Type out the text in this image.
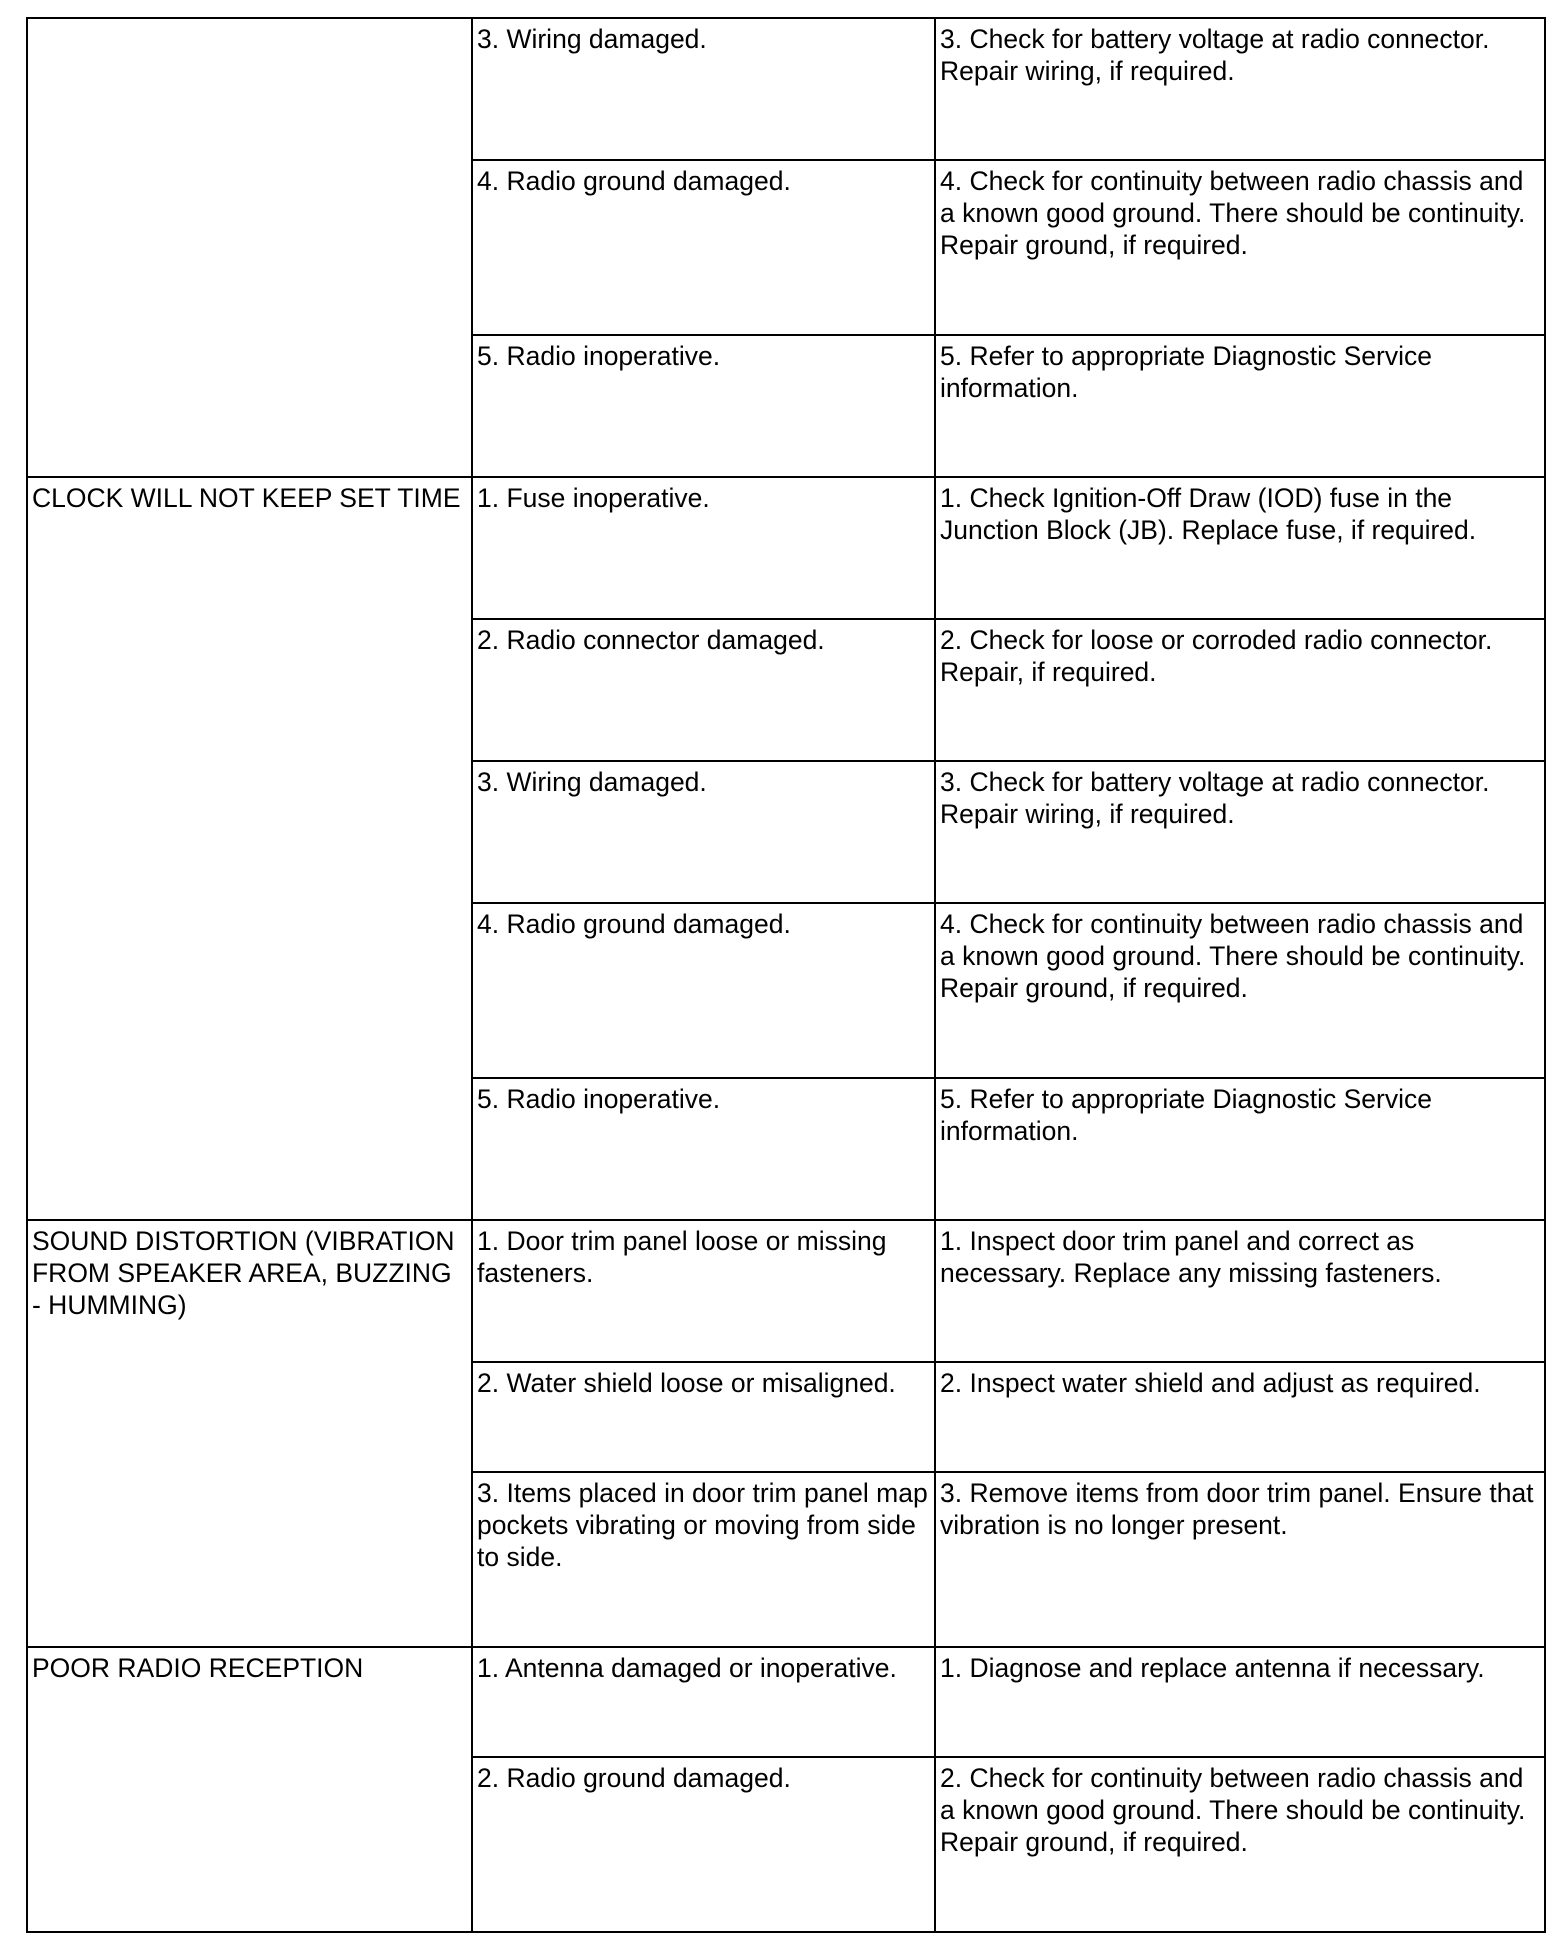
	3. Wiring damaged.	3. Check for battery voltage at radio connector. Repair wiring, if required.
	4. Radio ground damaged.	4. Check for continuity between radio chassis and a known good ground. There should be continuity. Repair ground, if required.
	5. Radio inoperative.	5. Refer to appropriate Diagnostic Service information.
CLOCK WILL NOT KEEP SET TIME	1. Fuse inoperative.	1. Check Ignition-Off Draw (IOD) fuse in the Junction Block (JB). Replace fuse, if required.
	2. Radio connector damaged.	2. Check for loose or corroded radio connector. Repair, if required.
	3. Wiring damaged.	3. Check for battery voltage at radio connector. Repair wiring, if required.
	4. Radio ground damaged.	4. Check for continuity between radio chassis and a known good ground. There should be continuity. Repair ground, if required.
	5. Radio inoperative.	5. Refer to appropriate Diagnostic Service information.
SOUND DISTORTION (VIBRATION FROM SPEAKER AREA, BUZZING - HUMMING)	1. Door trim panel loose or missing fasteners.	1. Inspect door trim panel and correct as necessary. Replace any missing fasteners.
	2. Water shield loose or misaligned.	2. Inspect water shield and adjust as required.
	3. Items placed in door trim panel map pockets vibrating or moving from side to side.	3. Remove items from door trim panel. Ensure that vibration is no longer present.
POOR RADIO RECEPTION	1. Antenna damaged or inoperative.	1. Diagnose and replace antenna if necessary.
	2. Radio ground damaged.	2. Check for continuity between radio chassis and a known good ground. There should be continuity. Repair ground, if required.
